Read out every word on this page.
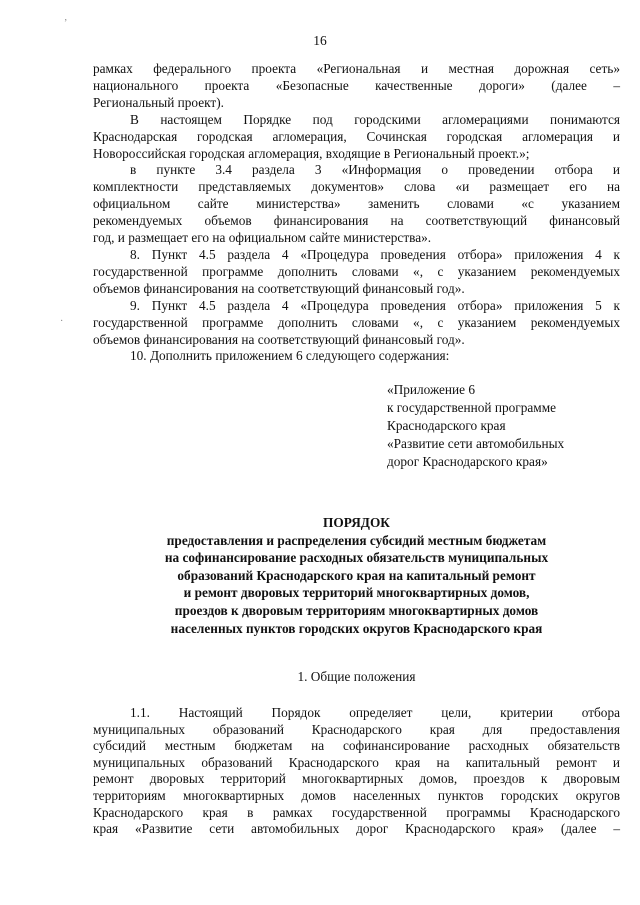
16
рамках федерального проекта «Региональная и местная дорожная сеть»
национального проекта «Безопасные качественные дороги» (далее –
Региональный проект).
В настоящем Порядке под городскими агломерациями понимаются
Краснодарская городская агломерация, Сочинская городская агломерация и
Новороссийская городская агломерация, входящие в Региональный проект.»;
в пункте 3.4 раздела 3 «Информация о проведении отбора и
комплектности представляемых документов» слова «и размещает его на
официальном сайте министерства» заменить словами «с указанием
рекомендуемых объемов финансирования на соответствующий финансовый
год, и размещает его на официальном сайте министерства».
8. Пункт 4.5 раздела 4 «Процедура проведения отбора» приложения 4 к
государственной программе дополнить словами «, с указанием рекомендуемых
объемов финансирования на соответствующий финансовый год».
9. Пункт 4.5 раздела 4 «Процедура проведения отбора» приложения 5 к
государственной программе дополнить словами «, с указанием рекомендуемых
объемов финансирования на соответствующий финансовый год».
10. Дополнить приложением 6 следующего содержания:
«Приложение 6
к государственной программе
Краснодарского края
«Развитие сети автомобильных
дорог Краснодарского края»
ПОРЯДОК
предоставления и распределения субсидий местным бюджетам
на софинансирование расходных обязательств муниципальных
образований Краснодарского края на капитальный ремонт
и ремонт дворовых территорий многоквартирных домов,
проездов к дворовым территориям многоквартирных домов
населенных пунктов городских округов Краснодарского края
1. Общие положения
1.1. Настоящий Порядок определяет цели, критерии отбора
муниципальных образований Краснодарского края для предоставления
субсидий местным бюджетам на софинансирование расходных обязательств
муниципальных образований Краснодарского края на капитальный ремонт и
ремонт дворовых территорий многоквартирных домов, проездов к дворовым
территориям многоквартирных домов населенных пунктов городских округов
Краснодарского края в рамках государственной программы Краснодарского
края «Развитие сети автомобильных дорог Краснодарского края» (далее –
ʼ
·
